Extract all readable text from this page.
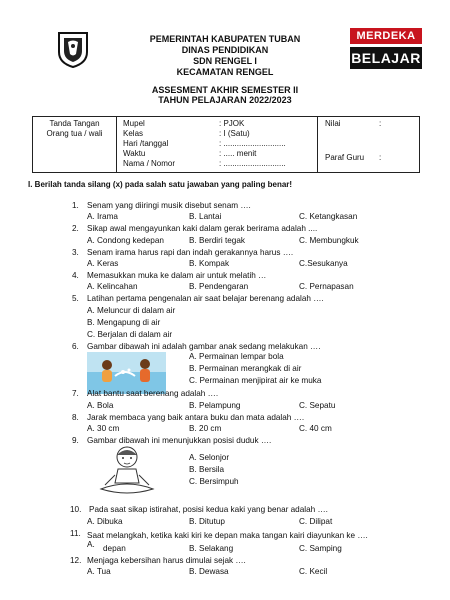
PEMERINTAH KABUPATEN TUBAN
DINAS PENDIDIKAN
SDN RENGEL I
KECAMATAN RENGEL
MERDEKA
BELAJAR
ASSESMENT AKHIR SEMESTER II
TAHUN PELAJARAN 2022/2023
Tanda Tangan
Orang tua / wali
Mupel	: PJOK
Kelas	: I (Satu)
Hari /tanggal	: ............................
Waktu	: ..... menit
Nama / Nomor	: ............................
Nilai	:
Paraf Guru :
I. Berilah tanda silang (x) pada salah satu jawaban yang paling benar!
1. Senam yang diiringi musik disebut senam ….
A. Irama	B. Lantai	C. Ketangkasan
2. Sikap awal mengayunkan kaki dalam gerak berirama adalah ....
A. Condong kedepan	B. Berdiri tegak	C. Membungkuk
3. Senam irama harus rapi dan indah gerakannya harus ….
A. Keras	B. Kompak	C.Sesukanya
4. Memasukkan muka ke dalam air untuk melatih …
A. Kelincahan	B. Pendengaran	C. Pernapasan
5. Latihan pertama pengenalan air saat belajar berenang adalah ….
A. Meluncur di dalam air
B. Mengapung di air
C. Berjalan di dalam air
6. Gambar dibawah ini adalah gambar anak sedang melakukan ….
A. Permainan lempar bola
B. Permainan merangkak di air
C. Permainan menjipirat air ke muka
7. Alat bantu saat berenang adalah ….
A. Bola	B. Pelampung	C. Sepatu
8. Jarak membaca yang baik antara buku dan mata adalah ….
A. 30 cm	B. 20 cm	C. 40 cm
9. Gambar dibawah ini menunjukkan posisi duduk ….
A. Selonjor
B. Bersila
C. Bersimpuh
10. Pada saat sikap istirahat, posisi kedua kaki yang benar adalah ….
A. Dibuka	B. Ditutup	C. Dilipat
11. Saat melangkah, ketika kaki kiri ke depan maka tangan kairi diayunkan ke ….
A. depan	B. Selakang	C. Samping
12. Menjaga kebersihan harus dimulai sejak ….
A. Tua	B. Dewasa	C. Kecil
